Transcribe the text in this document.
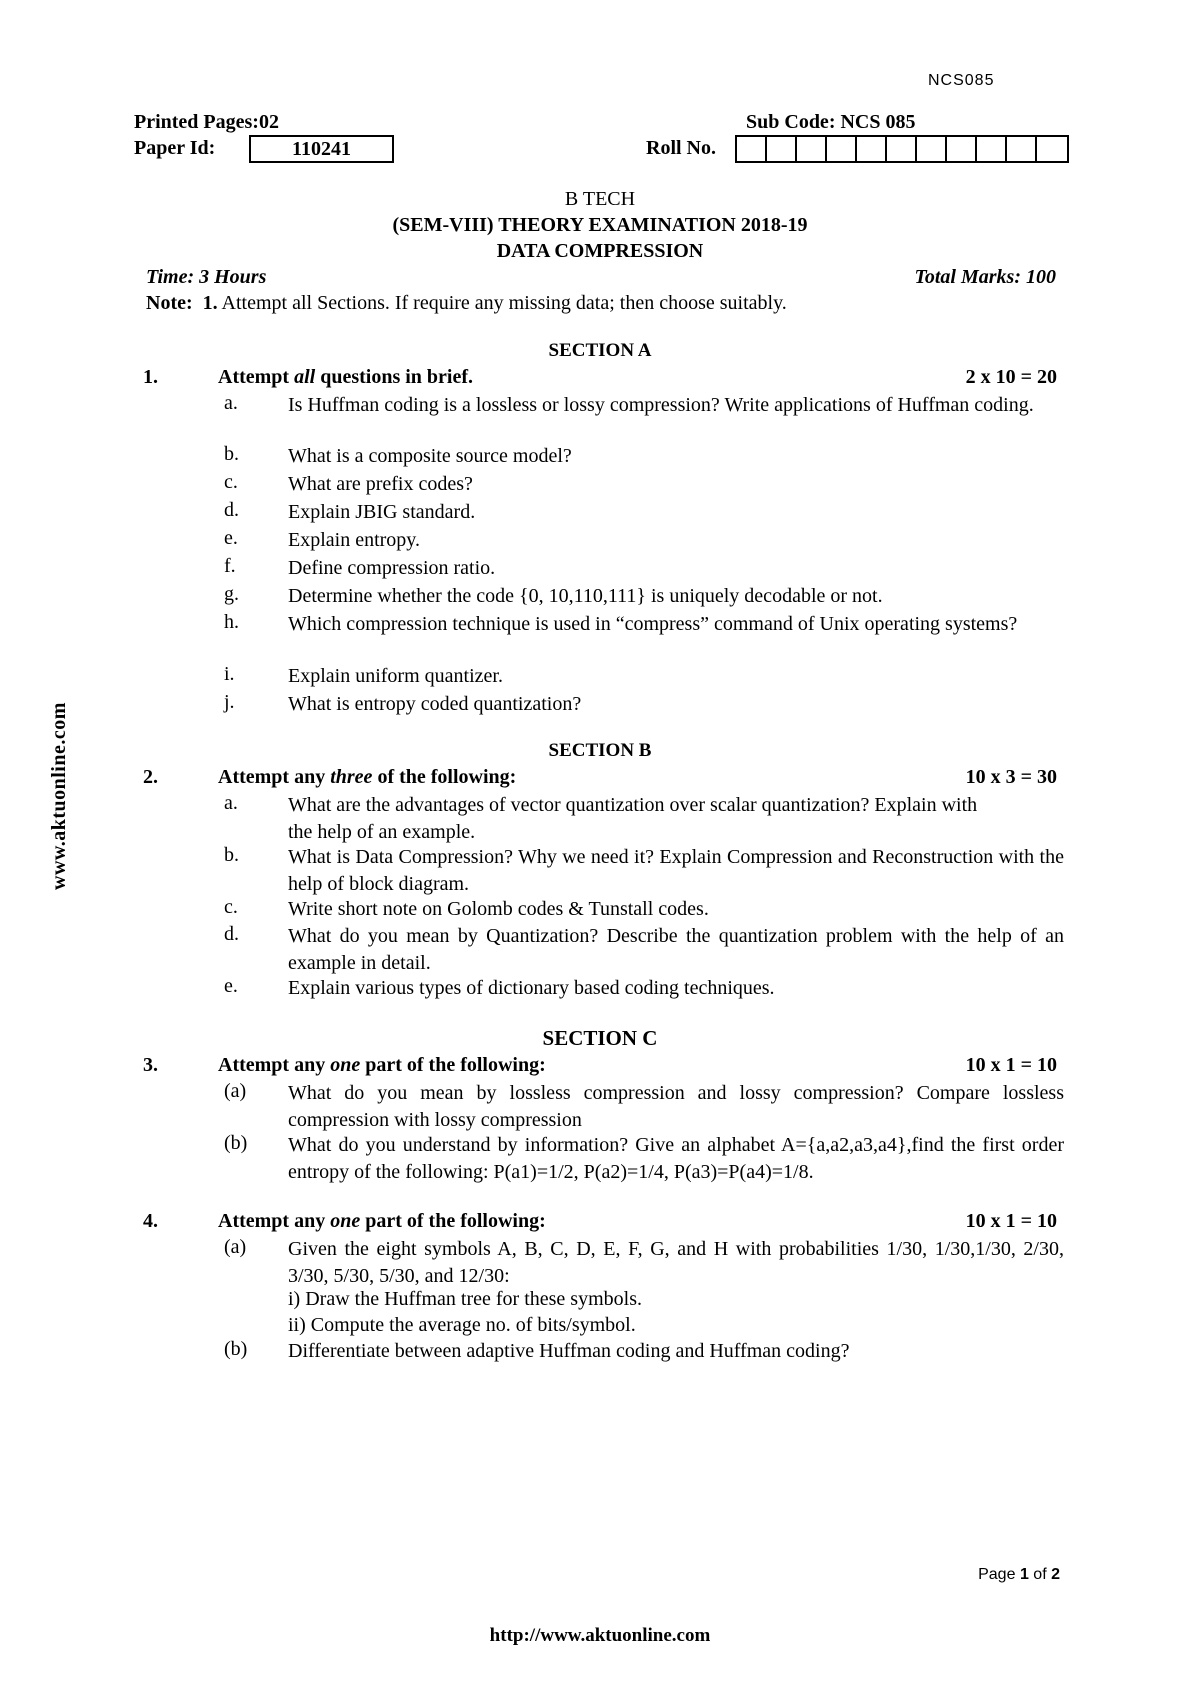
NCS085
Printed Pages:02	Sub Code: NCS 085
Paper Id:	110241	Roll No.
B TECH
(SEM-VIII) THEORY EXAMINATION 2018-19
DATA COMPRESSION
Time: 3 Hours	Total Marks: 100
Note: 1. Attempt all Sections. If require any missing data; then choose suitably.
SECTION A
1.	Attempt all questions in brief.	2 x 10 = 20
a.	Is Huffman coding is a lossless or lossy compression? Write applications of Huffman coding.
b. What is a composite source model?
c.	What are prefix codes?
d. Explain JBIG standard.
e.	Explain entropy.
f.	Define compression ratio.
g. Determine whether the code {0, 10,110,111} is uniquely decodable or not.
h. Which compression technique is used in “compress” command of Unix operating systems?
i.	Explain uniform quantizer.
j.	What is entropy coded quantization?
SECTION B
2.	Attempt any three of the following:	10 x 3 = 30
a.	What are the advantages of vector quantization over scalar quantization? Explain with the help of an example.
b. What is Data Compression? Why we need it? Explain Compression and Reconstruction with the help of block diagram.
c.	Write short note on Golomb codes & Tunstall codes.
d. What do you mean by Quantization? Describe the quantization problem with the help of an example in detail.
e.	Explain various types of dictionary based coding techniques.
SECTION C
3.	Attempt any one part of the following:	10 x 1 = 10
(a) What do you mean by lossless compression and lossy compression? Compare lossless compression with lossy compression
(b) What do you understand by information? Give an alphabet A={a,a2,a3,a4},find the first order entropy of the following: P(a1)=1/2, P(a2)=1/4, P(a3)=P(a4)=1/8.
4.	Attempt any one part of the following:	10 x 1 = 10
(a) Given the eight symbols A, B, C, D, E, F, G, and H with probabilities 1/30, 1/30,1/30, 2/30, 3/30, 5/30, 5/30, and 12/30:
i) Draw the Huffman tree for these symbols.
ii) Compute the average no. of bits/symbol.
(b) Differentiate between adaptive Huffman coding and Huffman coding?
Page 1 of 2
http://www.aktuonline.com
www.aktuonline.com
